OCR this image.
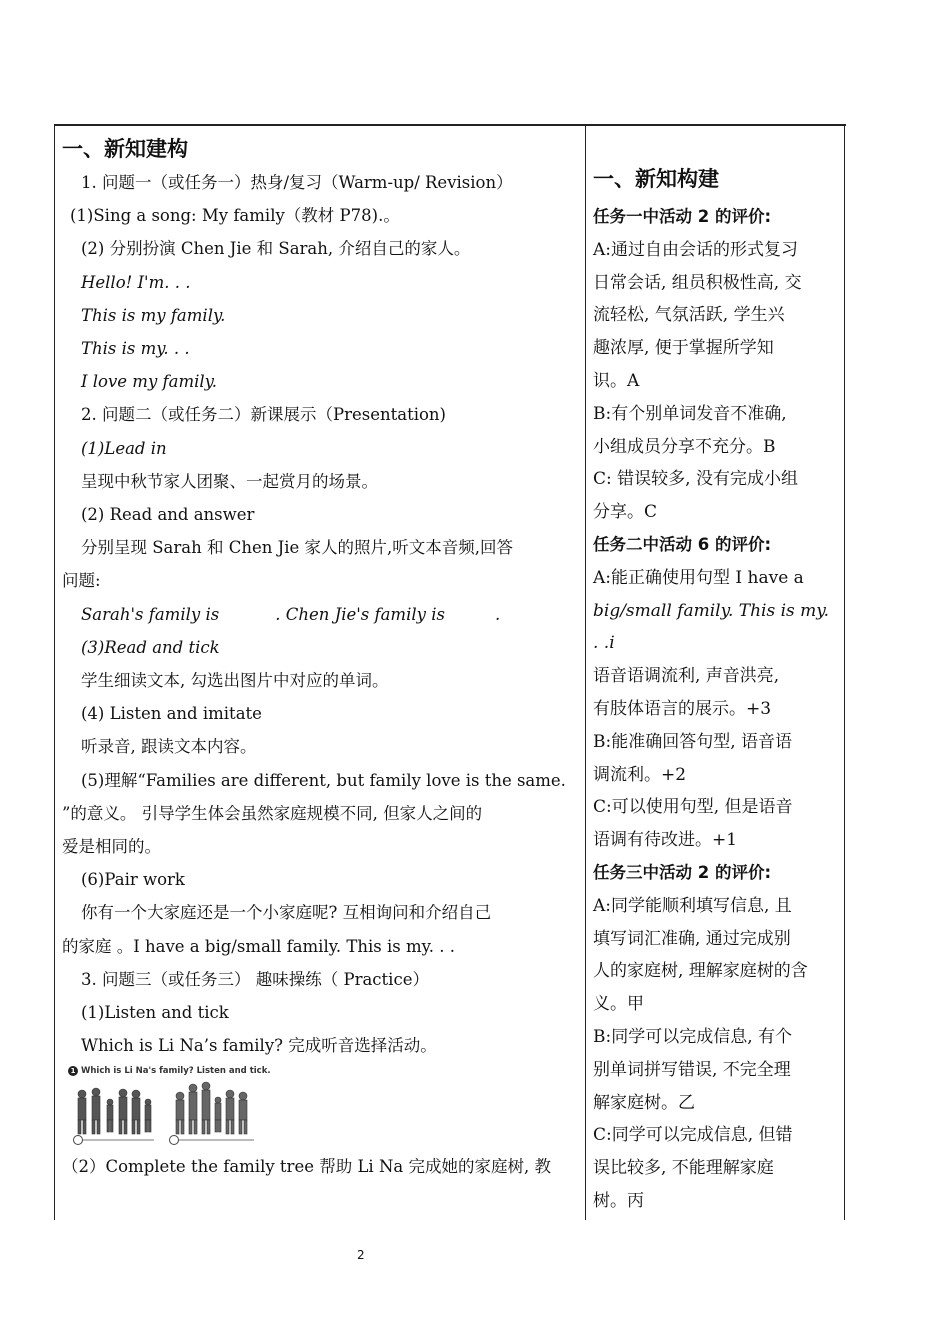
一、新知建构
1. 问题一（或任务一）热身/复习（Warm-up/ Revision）
(1)Sing a song: My family（教材 P78).。
(2) 分别扮演 Chen Jie 和 Sarah, 介绍自己的家人。
Hello! I'm. . .
This is my family.
This is my. . .
I love my family.
2. 问题二（或任务二）新课展示（Presentation)
(1)Lead in
呈现中秋节家人团聚、一起赏月的场景。
(2) Read and answer
分别呈现 Sarah 和 Chen Jie 家人的照片,听文本音频,回答
问题:
Sarah's family is	. Chen Jie's family is	.
(3)Read and tick
学生细读文本, 勾选出图片中对应的单词。
(4) Listen and imitate
听录音, 跟读文本内容。
(5)理解“Families are different, but family love is the same.
”的意义。 引导学生体会虽然家庭规模不同, 但家人之间的
爱是相同的。
(6)Pair work
你有一个大家庭还是一个小家庭呢? 互相询问和介绍自己
的家庭 。I have a big/small family. This is my. . .
3. 问题三（或任务三） 趣味操练（ Practice）
(1)Listen and tick
Which is Li Na’s family? 完成听音选择活动。
1 Which is Li Na's family? Listen and tick.
（2）Complete the family tree 帮助 Li Na 完成她的家庭树, 教
一、新知构建
任务一中活动 2 的评价:
A:通过自由会话的形式复习
日常会话, 组员积极性高, 交
流轻松, 气氛活跃, 学生兴
趣浓厚, 便于掌握所学知
识。A
B:有个别单词发音不准确,
小组成员分享不充分。B
C: 错误较多, 没有完成小组
分享。C
任务二中活动 6 的评价:
A:能正确使用句型 I have a
big/small family. This is my. . .i
语音语调流利, 声音洪亮,
有肢体语言的展示。+3
B:能准确回答句型, 语音语
调流利。+2
C:可以使用句型, 但是语音
语调有待改进。+1
任务三中活动 2 的评价:
A:同学能顺利填写信息, 且
填写词汇准确, 通过完成别
人的家庭树, 理解家庭树的含
义。甲
B:同学可以完成信息, 有个
别单词拼写错误, 不完全理
解家庭树。乙
C:同学可以完成信息, 但错
误比较多, 不能理解家庭
树。丙
2
